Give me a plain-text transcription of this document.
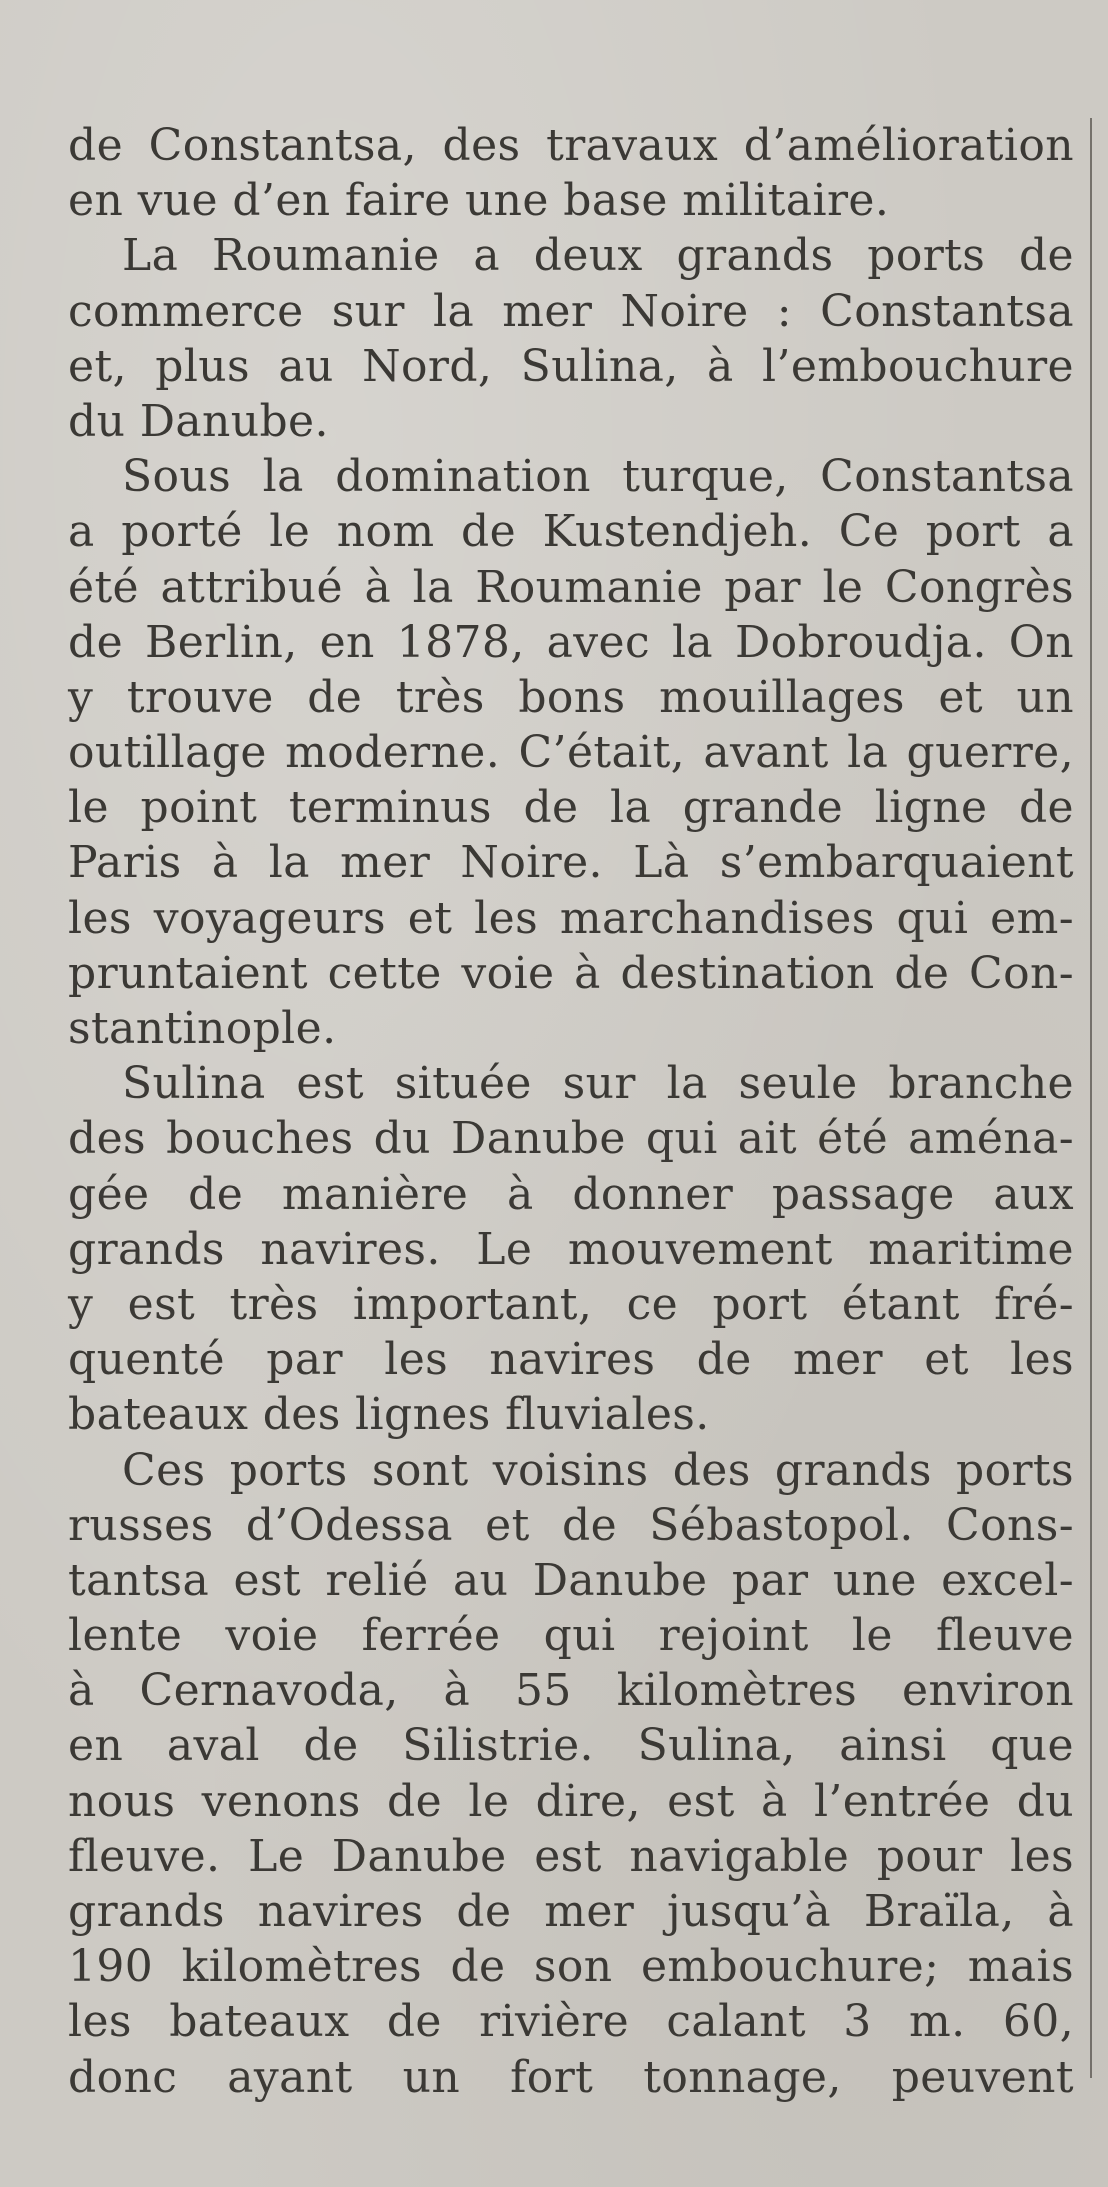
de Constantsa, des travaux d’amélioration
en vue d’en faire une base militaire.
La Roumanie a deux grands ports de
commerce sur la mer Noire : Constantsa
et, plus au Nord, Sulina, à l’embouchure
du Danube.
Sous la domination turque, Constantsa
a porté le nom de Kustendjeh. Ce port a
été attribué à la Roumanie par le Congrès
de Berlin, en 1878, avec la Dobroudja. On
y trouve de très bons mouillages et un
outillage moderne. C’était, avant la guerre,
le point terminus de la grande ligne de
Paris à la mer Noire. Là s’embarquaient
les voyageurs et les marchandises qui em-
pruntaient cette voie à destination de Con-
stantinople.
Sulina est située sur la seule branche
des bouches du Danube qui ait été aména-
gée de manière à donner passage aux
grands navires. Le mouvement maritime
y est très important, ce port étant fré-
quenté par les navires de mer et les
bateaux des lignes fluviales.
Ces ports sont voisins des grands ports
russes d’Odessa et de Sébastopol. Cons-
tantsa est relié au Danube par une excel-
lente voie ferrée qui rejoint le fleuve
à Cernavoda, à 55 kilomètres environ
en aval de Silistrie. Sulina, ainsi que
nous venons de le dire, est à l’entrée du
fleuve. Le Danube est navigable pour les
grands navires de mer jusqu’à Braïla, à
190 kilomètres de son embouchure; mais
les bateaux de rivière calant 3 m. 60,
donc ayant un fort tonnage, peuvent
